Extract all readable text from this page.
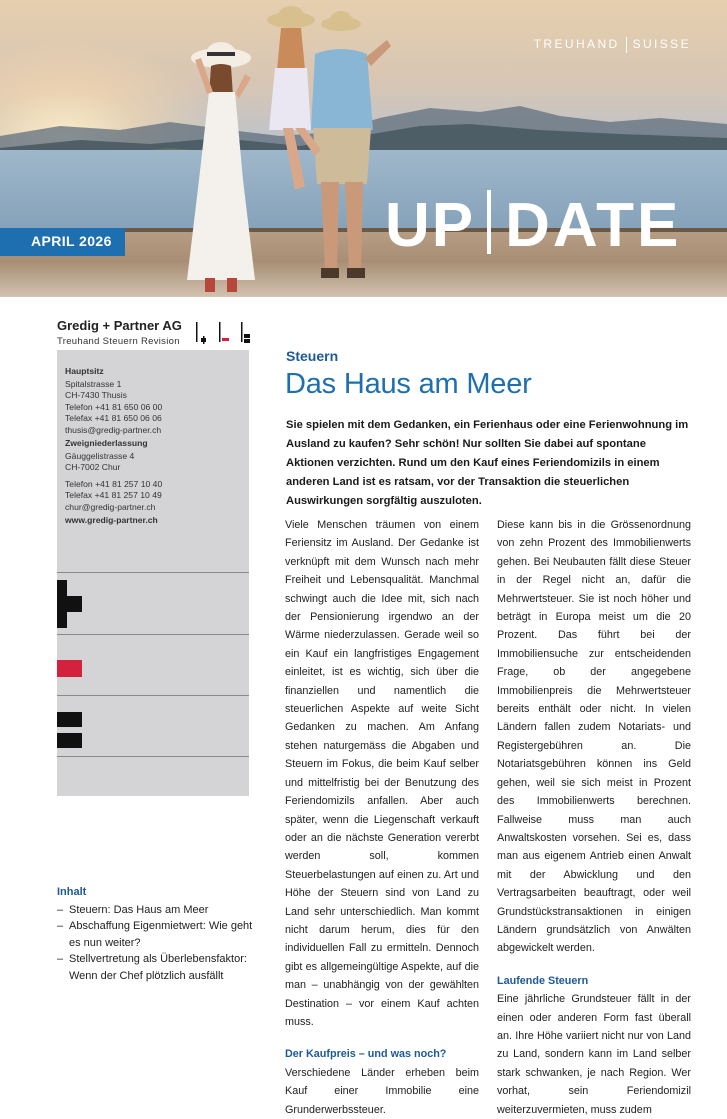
TREUHAND SUISSE
UP DATE
APRIL 2026
Gredig + Partner AG
Treuhand Steuern Revision
Hauptsitz
Spitalstrasse 1
CH-7430 Thusis
Telefon +41 81 650 06 00
Telefax +41 81 650 06 06
thusis@gredig-partner.ch
Zweigniederlassung
Gäuggelistrasse 4
CH-7002 Chur
Telefon +41 81 257 10 40
Telefax +41 81 257 10 49
chur@gredig-partner.ch
www.gredig-partner.ch
Inhalt
– Steuern: Das Haus am Meer
– Abschaffung Eigenmietwert: Wie geht es nun weiter?
– Stellvertretung als Überlebensfaktor: Wenn der Chef plötzlich ausfällt
Steuern
Das Haus am Meer
Sie spielen mit dem Gedanken, ein Ferienhaus oder eine Ferienwohnung im Ausland zu kaufen? Sehr schön! Nur sollten Sie dabei auf spontane Aktionen verzichten. Rund um den Kauf eines Feriendomizils in einem anderen Land ist es ratsam, vor der Transaktion die steuerlichen Auswirkungen sorgfältig auszuloten.

Viele Menschen träumen von einem Feriensitz im Ausland. Der Gedanke ist verknüpft mit dem Wunsch nach mehr Freiheit und Lebensqualität. Manchmal schwingt auch die Idee mit, sich nach der Pensionierung irgendwo an der Wärme niederzulassen. Gerade weil so ein Kauf ein langfristiges Engagement einleitet, ist es wichtig, sich über die finanziellen und namentlich die steuerlichen Aspekte auf weite Sicht Gedanken zu machen. Am Anfang stehen naturgemäss die Abgaben und Steuern im Fokus, die beim Kauf selber und mittelfristig bei der Benutzung des Feriendomizils anfallen. Aber auch später, wenn die Liegenschaft verkauft oder an die nächste Generation vererbt werden soll, kommen Steuerbelastungen auf einen zu. Art und Höhe der Steuern sind von Land zu Land sehr unterschiedlich. Man kommt nicht darum herum, dies für den individuellen Fall zu ermitteln. Dennoch gibt es allgemeingültige Aspekte, auf die man – unabhängig von der gewählten Destination – vor einem Kauf achten muss.

Der Kaufpreis – und was noch?

Verschiedene Länder erheben beim Kauf einer Immobilie eine Grunderwerbssteuer.

Diese kann bis in die Grössenordnung von zehn Prozent des Immobilienwerts gehen. Bei Neubauten fällt diese Steuer in der Regel nicht an, dafür die Mehrwertsteuer. Sie ist noch höher und beträgt in Europa meist um die 20 Prozent. Das führt bei der Immobiliensuche zur entscheidenden Frage, ob der angegebene Immobilienpreis die Mehrwertsteuer bereits enthält oder nicht. In vielen Ländern fallen zudem Notariats- und Registergebühren an. Die Notariatsgebühren können ins Geld gehen, weil sie sich meist in Prozent des Immobilienwerts berechnen. Fallweise muss man auch Anwaltskosten vorsehen. Sei es, dass man aus eigenem Antrieb einen Anwalt mit der Abwicklung und den Vertragsarbeiten beauftragt, oder weil Grundstückstransaktionen in einigen Ländern grundsätzlich von Anwälten abgewickelt werden.

Laufende Steuern

Eine jährliche Grundsteuer fällt in der einen oder anderen Form fast überall an. Ihre Höhe variiert nicht nur von Land zu Land, sondern kann im Land selber stark schwanken, je nach Region. Wer vorhat, sein Feriendomizil weiterzuvermieten, muss zudem
